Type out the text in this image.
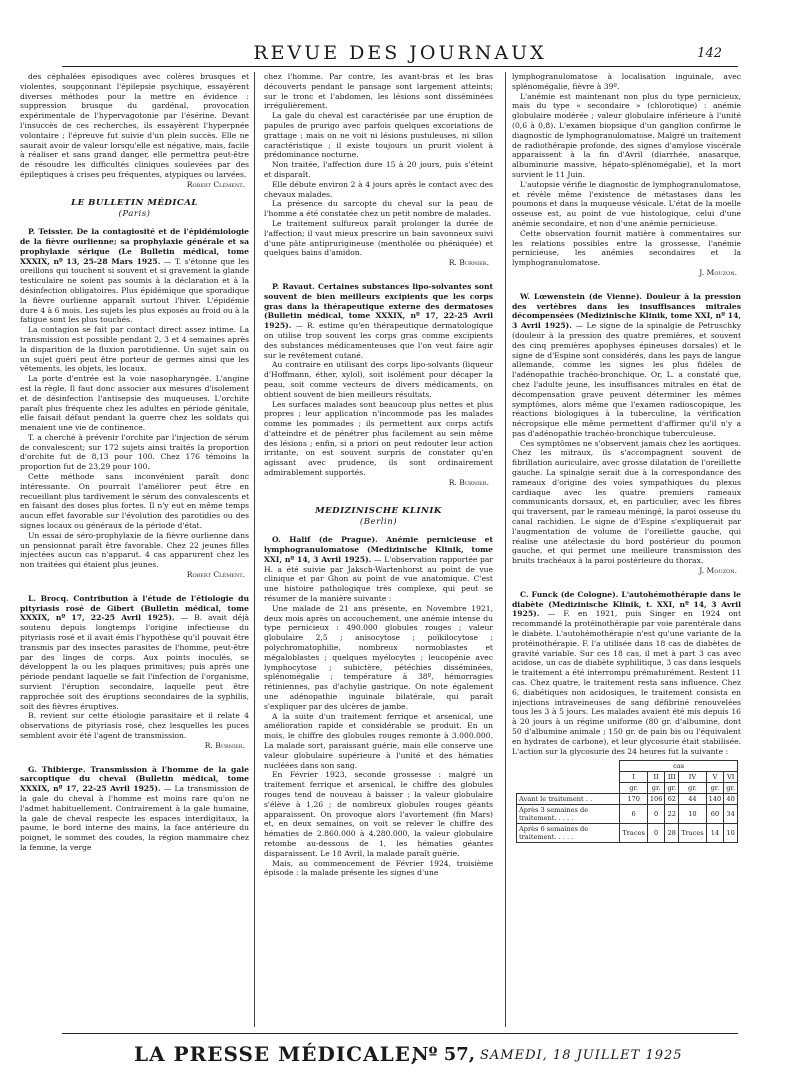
REVUE DES JOURNAUX	142

des céphalées épisodiques avec colères brusques et violentes, soupçonnant l'épilepsie psychique, essayèrent diverses méthodes pour la mettre en évidence : suppression brusque du gardénal, provocation expérimentale de l'hypervagotonie par l'ésérine. Devant l'insuccès de ces recherches, ils essayèrent l'hyperpnée volontaire ; l'épreuve fut suivie d'un plein succès. Elle ne saurait avoir de valeur lorsqu'elle est négative, mais, facile à réaliser et sans grand danger, elle permettra peut-être de résoudre les difficultés cliniques soulevées par des épileptiques à crises peu fréquentes, atypiques ou larvées.

Robert Clément.

LE BULLETIN MÉDICAL
(Paris)

P. Teissier. De la contagiosité et de l'épidémiologie de la fièvre ourlienne; sa prophylaxie générale et sa prophylaxie sérique (Le Bulletin médical, tome XXXIX, nº 13, 25-28 Mars 1925. — T. s'étonne que les oreillons qui touchent si souvent et si gravement la glande testiculaire ne soient pas soumis à la déclaration et à la désinfection obligatoires. Plus épidémique que sporadique la fièvre ourlienne apparaît surtout l'hiver. L'épidémie dure 4 à 6 mois. Les sujets les plus exposés au froid ou à la fatigue sont les plus touchés.

La contagion se fait par contact direct assez intime. La transmission est possible pendant 2, 3 et 4 semaines après la disparition de la fluxion parotidienne. Un sujet sain ou un sujet guéri peut être porteur de germes ainsi que les vêtements, les objets, les locaux.

La porte d'entrée est la voie nasopharyngée. L'angine est la règle. Il faut donc associer aux mesures d'isolement et de désinfection l'antisepsie des muqueuses. L'orchite paraît plus fréquente chez les adultes en période génitale, elle faisait défaut pendant la guerre chez les soldats qui menaient une vie de continence.

T. a cherché à prévenir l'orchite par l'injection de sérum de convalescent; sur 172 sujets ainsi traités la proportion d'orchite fut de 8,13 pour 100. Chez 176 témoins la proportion fut de 23,29 pour 100.

Cette méthode sans inconvénient paraît donc intéressante. On pourrait l'améliorer peut être en recueillant plus tardivement le sérum des convalescents et en faisant des doses plus fortes. Il n'y eut en même temps aucun effet favorable sur l'évolution des parotidies ou des signes locaux ou généraux de la période d'état.

Un essai de séro-prophylaxie de la fièvre ourlienne dans un pensionnat paraît être favorable. Chez 22 jeunes filles injectées aucun cas n'apparut. 4 cas apparurent chez les non traitées qui étaient plus jeunes.

Robert Clément.

L. Brocq. Contribution à l'étude de l'étiologie du pityriasis rosé de Gibert (Bulletin médical, tome XXXIX, nº 17, 22-25 Avril 1925). — B. avait déjà soutenu depuis longtemps l'origine infectieuse du pityriasis rosé et il avait émis l'hypothèse qu'il pouvait être transmis par des insectes parasites de l'homme, peut-être par des linges de corps. Aux points inoculés, se développent la ou les plaques primitives; puis après une période pendant laquelle se fait l'infection de l'organisme, survient l'éruption secondaire, laquelle peut être rapprochée soit des éruptions secondaires de la syphilis, soit des fièvres éruptives.

B. revient sur cette étiologie parasitaire et il relate 4 observations de pityriasis rosé, chez lesquelles les puces semblent avoir été l'agent de transmission.

R. Burnier.

G. Thibierge. Transmission à l'homme de la gale sarcoptique du cheval (Bulletin médical, tome XXXIX, nº 17, 22-25 Avril 1925). — La transmission de la gale du cheval à l'homme est moins rare qu'on ne l'admet habituellement. Contrairement à la gale humaine, la gale de cheval respecte les espaces interdigitaux, la paume, le bord interne des mains, la face antérieure du poignet, le sommet des coudes, la région mammaire chez la femme, la verge

chez l'homme. Par contre, les avant-bras et les bras découverts pendant le pansage sont largement atteints; sur le tronc et l'abdomen, les lésions sont disséminées irrégulièrement.

La gale du cheval est caractérisée par une éruption de papules de prurigo avec parfois quelques excoriations de grattage ; mais on ne voit ni lésions pustuleuses, ni sillon caractéristique ; il existe toujours un prurit violent à prédominance nocturne.

Non traitée, l'affection dure 15 à 20 jours, puis s'éteint et disparaît.

Elle débute environ 2 à 4 jours après le contact avec des chevaux malades.

La présence du sarcopte du cheval sur la peau de l'homme a été constatée chez un petit nombre de malades.

Le traitement sulfureux paraît prolonger la durée de l'affection; il vaut mieux prescrire un bain savonneux suivi d'une pâte antiprurigineuse (mentholée ou phéniquée) et quelques bains d'amidon.

R. Burnier.

P. Ravaut. Certaines substances lipo-solvantes sont souvent de bien meilleurs excipients que les corps gras dans la thérapeutique externe des dermatoses (Bulletin médical, tome XXXIX, nº 17, 22-25 Avril 1925). — R. estime qu'en thérapeutique dermatologique on utilise trop souvent les corps gras comme excipients des substances médicamenteuses que l'on veut faire agir sur le revêtement cutané.

Au contraire en utilisant des corps lipo-solvants (liqueur d'Hoffmann, éther, xylol), soit isolément pour décaper la peau, soit comme vecteurs de divers médicaments, on obtient souvent de bien meilleurs résultats.

Les surfaces malades sont beaucoup plus nettes et plus propres ; leur application n'incommode pas les malades comme les pommades ; ils permettent aux corps actifs d'atteindre et de pénétrer plus facilement au sein même des lésions ; enfin, si a priori on peut redouter leur action irritante, on est souvent surpris de constater qu'en agissant avec prudence, ils sont ordinairement admirablement supportés.

R. Burnier.

MEDIZINISCHE KLINIK
(Berlin)

O. Halif (de Prague). Anémie pernicieuse et lymphogranulomatose (Medizinische Klinik, tome XXI, nº 14, 3 Avril 1925). — L'observation rapportée par H. a été suivie par Jaksch-Wartenhorst au point de vue clinique et par Ghon au point de vue anatomique. C'est une histoire pathologique très complexe, qui peut se résumer de la manière suivante :

Une malade de 21 ans présente, en Novembre 1921, deux mois après un accouchement, une anémie intense du type pernicieux : 490.000 globules rouges ; valeur globulaire 2,5 ; anisocytose ; poïkilocytose ; polychromatophilie, nombreux normoblastes et mégaloblastes ; quelques myélocytes ; leucopénie avec lymphocytose ; subictère, pétéchies disséminées, splénomégalie ; température à 38º, hémorragies rétiniennes, pas d'achylie gastrique. On note également une adénopathie inguinale bilatérale, qui paraît s'expliquer par des ulcères de jambe.

A la suite d'un traitement ferrique et arsenical, une amélioration rapide et considérable se produit. En un mois, le chiffre des globules rouges remonte à 3.000.000. La malade sort, paraissant guérie, mais elle conserve une valeur globulaire supérieure à l'unité et des hématies nucléées dans son sang.

En Février 1923, seconde grossesse : malgré un traitement ferrique et arsenical, le chiffre des globules rouges tend de nouveau à baisser ; la valeur globulaire s'élève à 1,26 ; de nombreux globules rouges géants apparaissent. On provoque alors l'avortement (fin Mars) et, en deux semaines, on voit se relever le chiffre des hématies de 2.860.000 à 4.280.000, la valeur globulaire retombe au-dessous de 1, les hématies géantes disparaissent. Le 18 Avril, la malade paraît guérie.

Mais, au commencement de Février 1924, troisième épisode : la malade présente les signes d'une

lymphogranulomatose à localisation inguinale, avec splénomégalie, fièvre à 39º.

L'anémie est maintenant non plus du type pernicieux, mais du type « secondaire » (chlorotique) : anémie globulaire modérée ; valeur globulaire inférieure à l'unité (0,6 à 0,8). L'examen biopsique d'un ganglion confirme le diagnostic de lymphogranulomatose. Malgré un traitement de radiothérapie profonde, des signes d'amylose viscérale apparaissent à la fin d'Avril (diarrhée, anasarque, albuminurie massive, hépato-splénomégalie), et la mort survient le 11 Juin.

L'autopsie vérifie le diagnostic de lymphogranulomatose, et révèle même l'existence de métastases dans les poumons et dans la muqueuse vésicale. L'état de la moelle osseuse est, au point de vue histologique, celui d'une anémie secondaire, et non d'une anémie pernicieuse.

Cette observation fournit matière à commentaires sur les relations possibles entre la grossesse, l'anémie pernicieuse, les anémies secondaires et la lymphogranulomatose.

J. Mouzon.

W. Lœwenstein (de Vienne). Douleur à la pression des vertèbres dans les insuffisances mitrales décompensées (Medizinische Klinik, tome XXI, nº 14, 3 Avril 1925). — Le signe de la spinalgie de Petruschky (douleur à la pression des quatre premières, et souvent des cinq premières apophyses épineuses dorsales) et le signe de d'Espine sont considérés, dans les pays de langue allemande, comme les signes les plus fidèles de l'adénopathie trachéo-bronchique. Or, L. a constaté que, chez l'adulte jeune, les insuffisances mitrales en état de décompensation grave peuvent déterminer les mêmes symptômes, alors même que l'examen radioscopique, les réactions biologiques à la tuberculine, la vérification nécropsique elle même permettent d'affirmer qu'il n'y a pas d'adénopathie trachéo-bronchique tuberculeuse.

Ces symptômes ne s'observent jamais chez les aortiques. Chez les mitraux, ils s'accompagnent souvent de fibrillation auriculaire, avec grosse dilatation de l'oreillette gauche. La spinalgie serait due à la correspondance des rameaux d'origine des voies sympathiques du plexus cardiaque avec les quatre premiers rameaux communicants dorsaux, et, en particulier, avec les fibres qui traversent, par le rameau méningé, la paroi osseuse du canal rachidien. Le signe de d'Espine s'expliquerait par l'augmentation de volume de l'oreillette gauche, qui réalise une atélectasie du bord postérieur du poumon gauche, et qui permet une meilleure transmission des bruits trachéaux à la paroi postérieure du thorax.

J. Mouzon.

C. Funck (de Cologne). L'autohémothérapie dans le diabète (Medizinische Klinik, t. XXI, nº 14, 3 Avril 1925). — F. en 1921, puis Singer en 1924 ont recommandé la protéinothérapie par voie parentérale dans le diabète. L'autohémothérapie n'est qu'une variante de la protéinothérapie. F. l'a utilisée dans 18 cas de diabètes de gravité variable. Sur ces 18 cas, il met à part 3 cas avec acidose, un cas de diabète syphilitique, 3 cas dans lesquels le traitement a été interrompu prématurément. Restent 11 cas. Chez quatre, le traitement resta sans influence. Chez 6, diabétiques non acidosiques, le traitement consista en injections intraveineuses de sang défibriné renouvelées tous les 3 à 5 jours. Les malades avaient été mis depuis 16 à 20 jours à un régime uniforme (80 gr. d'albumine, dont 50 d'albumine animale ; 150 gr. de pain bis ou l'équivalent en hydrates de carbone), et leur glycosurie était stabilisée. L'action sur la glycosurie des 24 heures fut la suivante :

	cas					
	I	II	III	IV	V	VI
	gr.	gr.	gr.	gr.	gr.	gr.
Avant le traitement . .	170	106	62	44	140	40
Après 3 semaines de traitement. . . . .	6	0	22	10	60	34
Après 6 semaines de traitement. . . . .	Traces	0	28	Traces	14	10
LA PRESSE MÉDICALE,
Nº 57, SAMEDI, 18 JUILLET 1925
